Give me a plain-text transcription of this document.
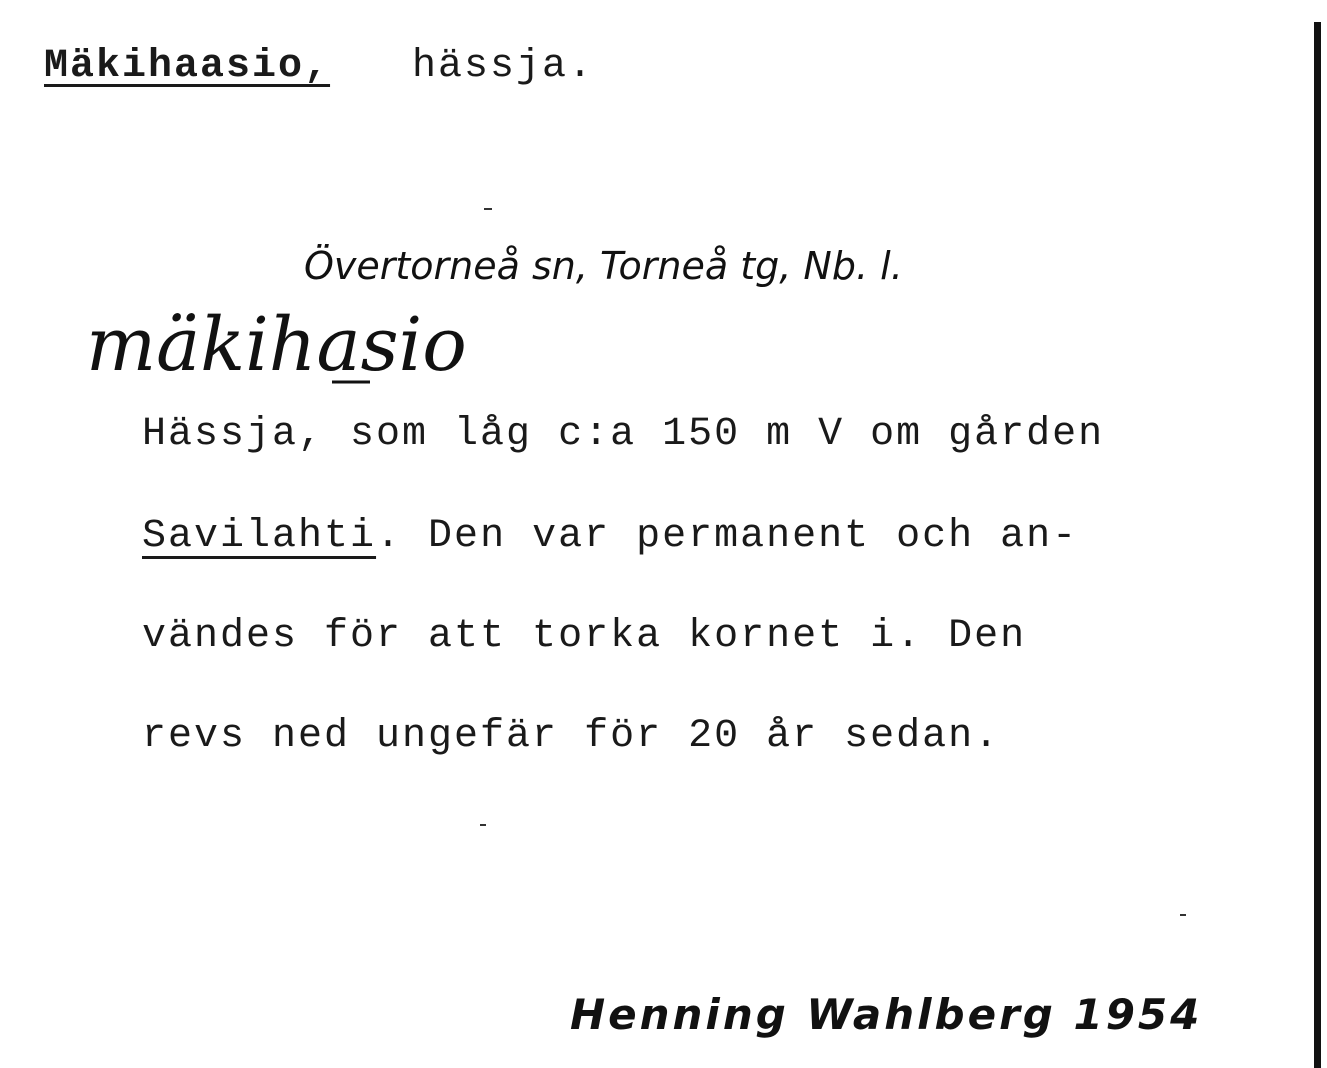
Mäkihaasio, hässja.
Övertorneå sn, Torneå tg, Nb. l.
mäkihasio
Hässja, som låg c:a 150 m V om gården
Savilahti. Den var permanent och an-
vändes för att torka kornet i. Den
revs ned ungefär för 20 år sedan.
Henning Wahlberg 1954
